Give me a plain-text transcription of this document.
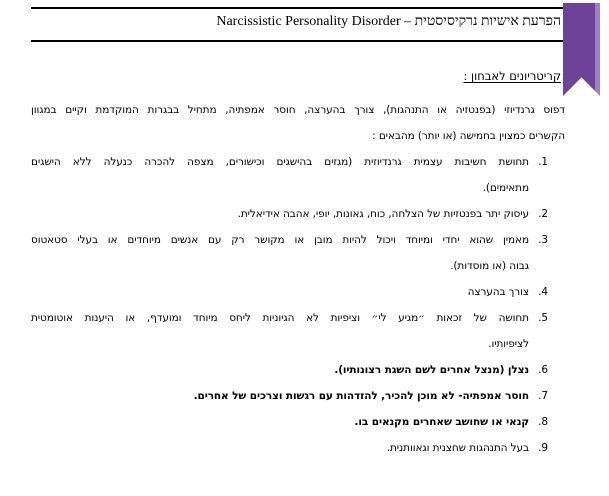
הפרעת אישיות נרקיסיסטית – Narcissistic Personality Disorder
קריטריונים לאבחון :
דפוס גרנדיוזי (בפנטזיה או התנהגות), צורך בהערצה, חוסר אמפתיה, מתחיל בבגרות המוקדמת וקיים במגוון
הקשרים כמצוין בחמישה (או יותר) מהבאים :
1.
תחושת חשיבות עצמית גרנדיוזית (מגזים בהישגים וכישורים, מצפה להכרה כנעלה ללא הישגים
מתאימים).
2.
עיסוק יתר בפנטזיות של הצלחה, כוח, גאונות, יופי, אהבה אידיאלית.
3.
מאמין שהוא יחדי ומיוחד ויכול להיות מובן או מקושר רק עם אנשים מיוחדים או בעלי סטאטוס
גבוה (או מוסדות).
4.
צורך בהערצה
5.
תחושה של זכאות ״מגיע לי״ וציפיות לא הגיוניות ליחס מיוחד ומועדף, או היענות אוטומטית
לציפיותיו.
6.
נצלן (מנצל אחרים לשם השגת רצונותיו).
7.
חוסר אמפתיה- לא מוכן להכיר, להזדהות עם רגשות וצרכים של אחרים.
8.
קנאי או שחושב שאחרים מקנאים בו.
9.
בעל התנהגות שחצנית וגאוותנית.
